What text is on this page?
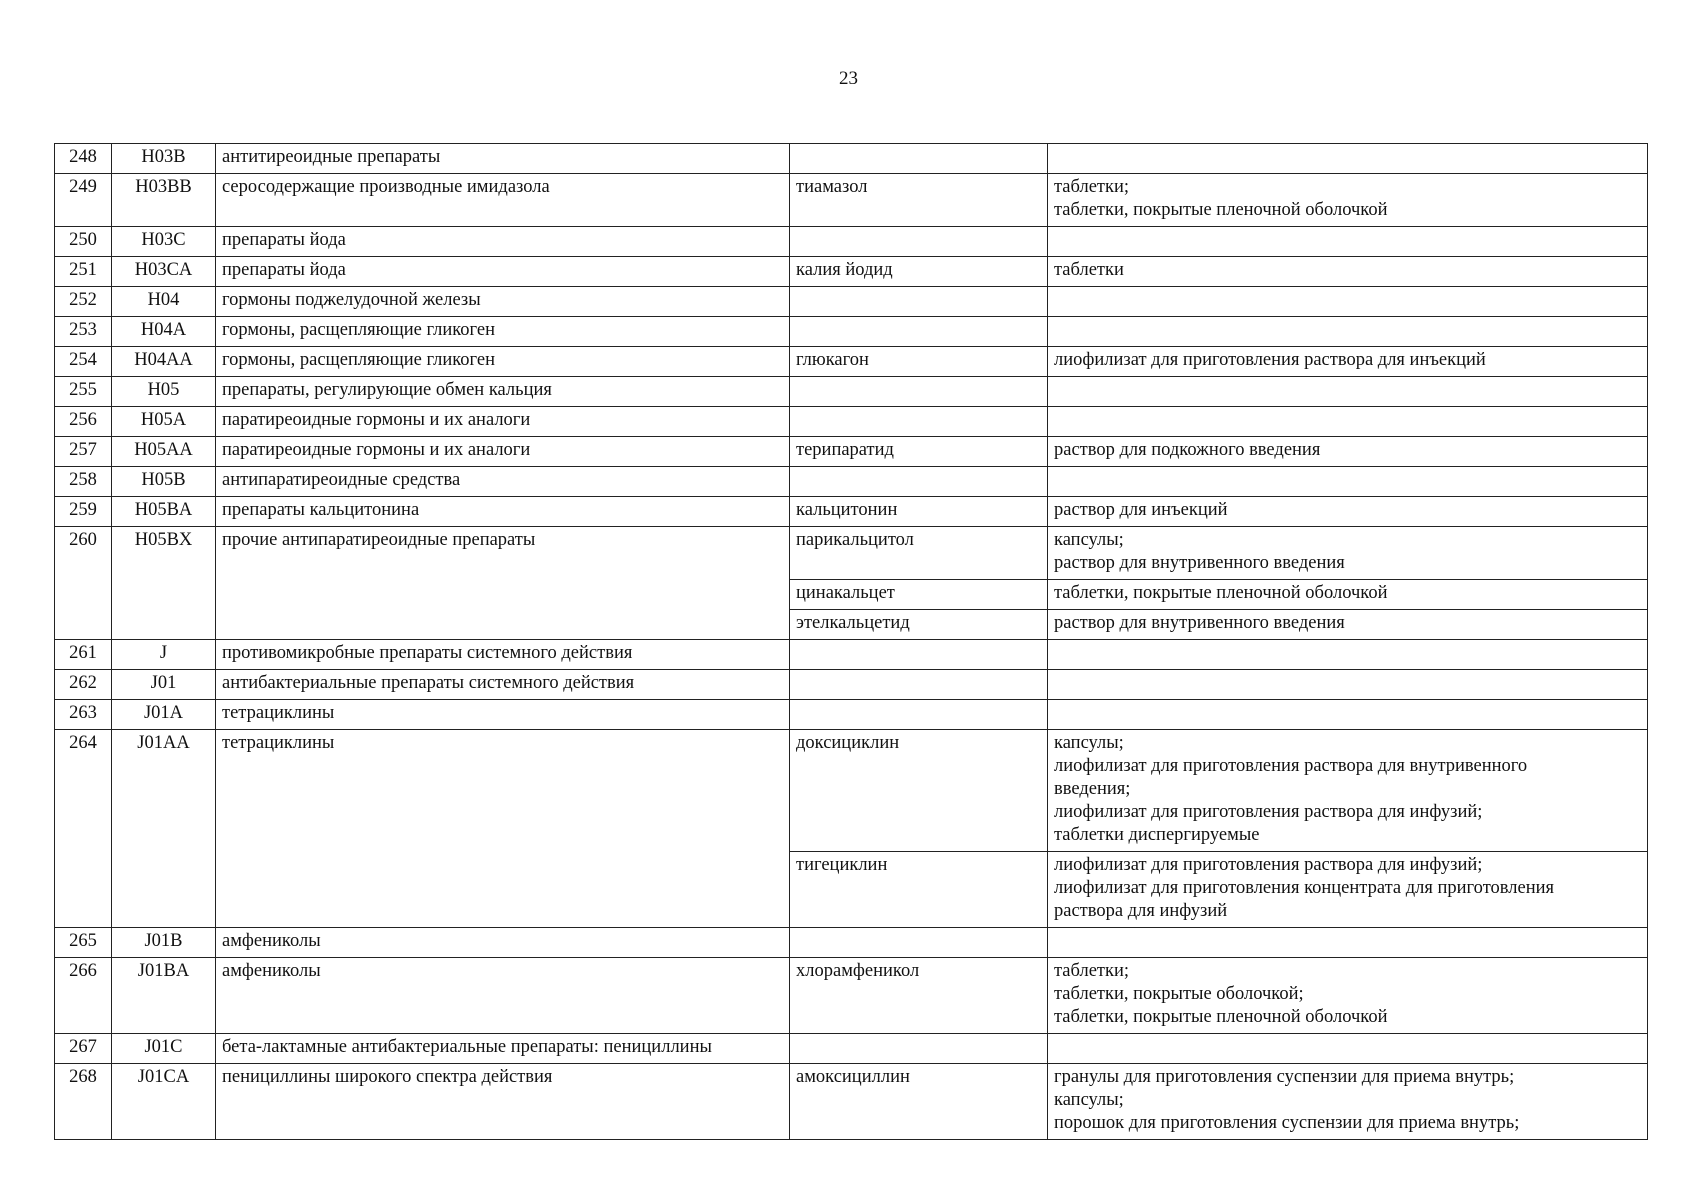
23
248	H03B	антитиреоидные препараты		
249	H03BB	серосодержащие производные имидазола	тиамазол	таблетки;
таблетки, покрытые пленочной оболочкой

250	H03C	препараты йода		
251	H03CA	препараты йода	калия йодид	таблетки

252	H04	гормоны поджелудочной железы		
253	H04A	гормоны, расщепляющие гликоген		
254	H04AA	гормоны, расщепляющие гликоген	глюкагон	лиофилизат для приготовления раствора для инъекций

255	H05	препараты, регулирующие обмен кальция		
256	H05A	паратиреоидные гормоны и их аналоги		
257	H05AA	паратиреоидные гормоны и их аналоги	терипаратид	раствор для подкожного введения

258	H05B	антипаратиреоидные средства		
259	H05BA	препараты кальцитонина	кальцитонин	раствор для инъекций

260	H05BX	прочие антипаратиреоидные препараты	парикальцитол	капсулы;
раствор для внутривенного введения

			цинакальцет	таблетки, покрытые пленочной оболочкой

			этелкальцетид	раствор для внутривенного введения

261	J	противомикробные препараты системного действия		
262	J01	антибактериальные препараты системного действия		
263	J01A	тетрациклины		
264	J01AA	тетрациклины	доксициклин	капсулы;
лиофилизат для приготовления раствора для внутривенного
введения;
лиофилизат для приготовления раствора для инфузий;
таблетки диспергируемые

			тигециклин	лиофилизат для приготовления раствора для инфузий;
лиофилизат для приготовления концентрата для приготовления
раствора для инфузий

265	J01B	амфениколы		
266	J01BA	амфениколы	хлорамфеникол	таблетки;
таблетки, покрытые оболочкой;
таблетки, покрытые пленочной оболочкой

267	J01C	бета-лактамные антибактериальные препараты: пенициллины		
268	J01CA	пенициллины широкого спектра действия	амоксициллин	гранулы для приготовления суспензии для приема внутрь;
капсулы;
порошок для приготовления суспензии для приема внутрь;
